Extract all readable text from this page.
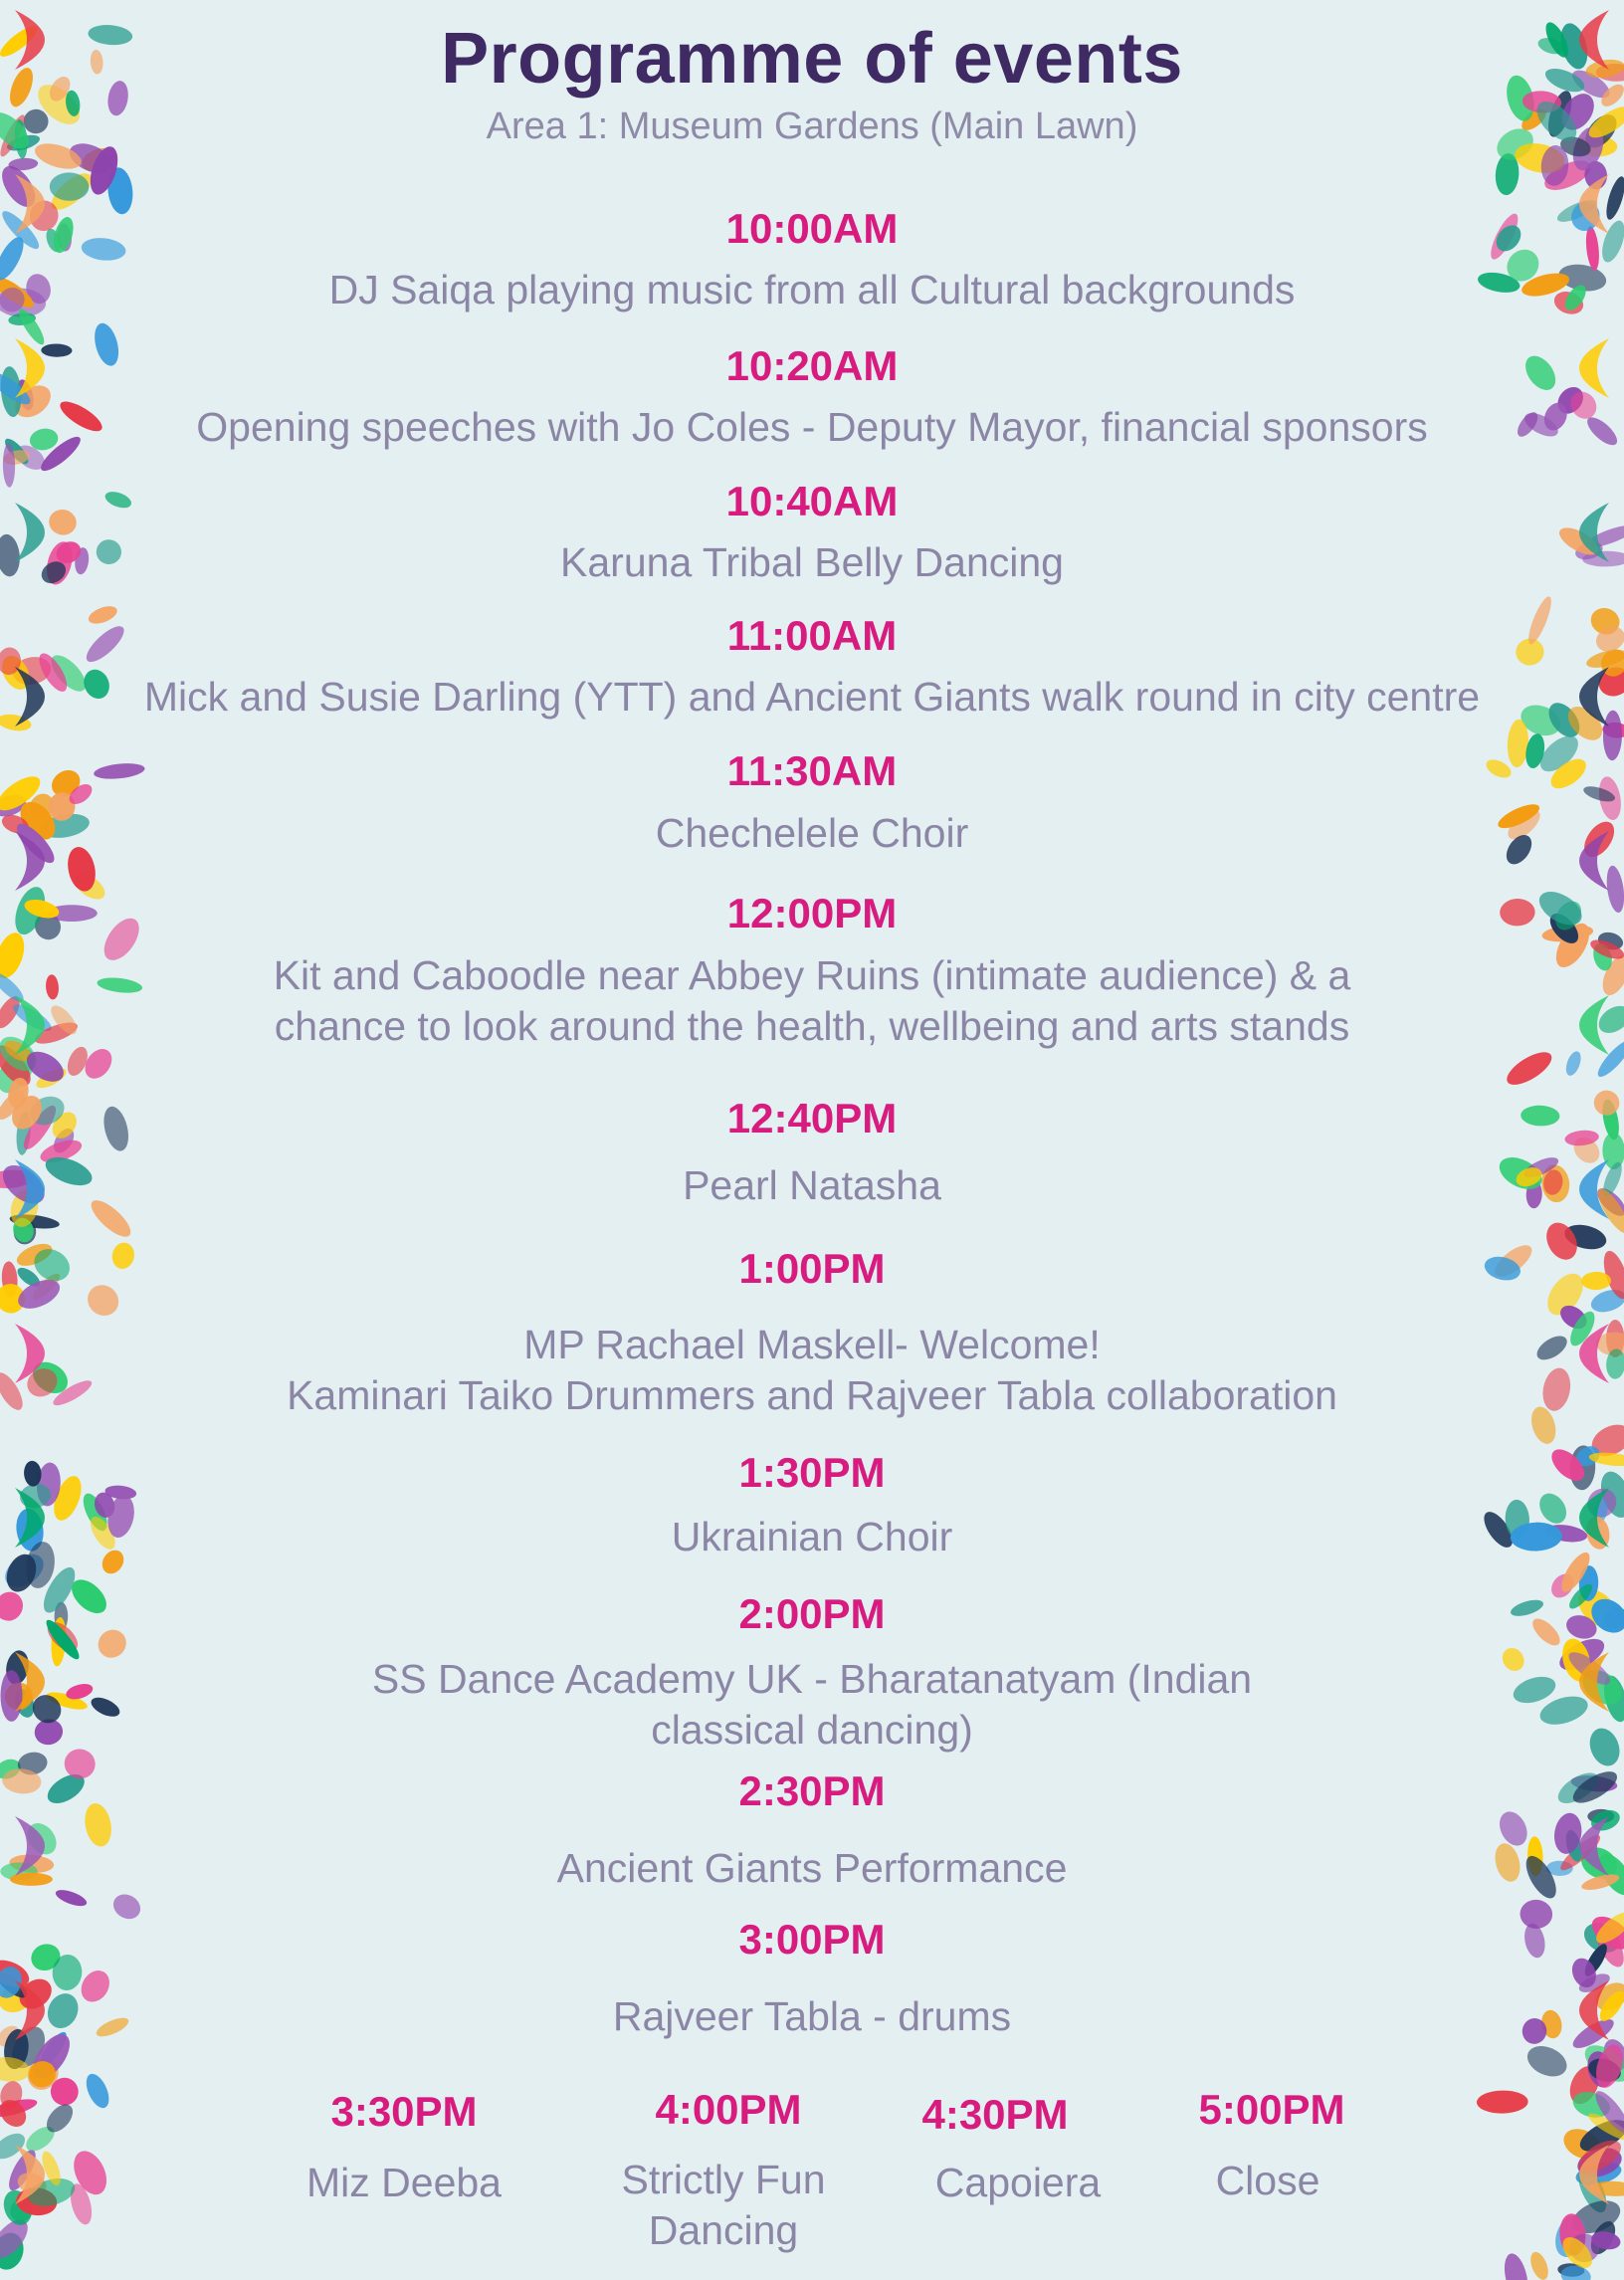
Programme of events
Area 1: Museum Gardens (Main Lawn)
10:00AM
DJ Saiqa playing music from all Cultural backgrounds
10:20AM
Opening speeches with Jo Coles - Deputy Mayor, financial sponsors
10:40AM
Karuna Tribal Belly Dancing
11:00AM
Mick and Susie Darling (YTT) and Ancient Giants walk round in city centre
11:30AM
Chechelele Choir
12:00PM
Kit and Caboodle near Abbey Ruins (intimate audience) & a
chance to look around the health, wellbeing and arts stands
12:40PM
Pearl Natasha
1:00PM
MP Rachael Maskell- Welcome!
Kaminari Taiko Drummers and Rajveer Tabla collaboration
1:30PM
Ukrainian Choir
2:00PM
SS Dance Academy UK - Bharatanatyam (Indian
classical dancing)
2:30PM
Ancient Giants Performance
3:00PM
Rajveer Tabla - drums
3:30PM
Miz Deeba
4:00PM
Strictly Fun
Dancing
4:30PM
Capoiera
5:00PM
Close
